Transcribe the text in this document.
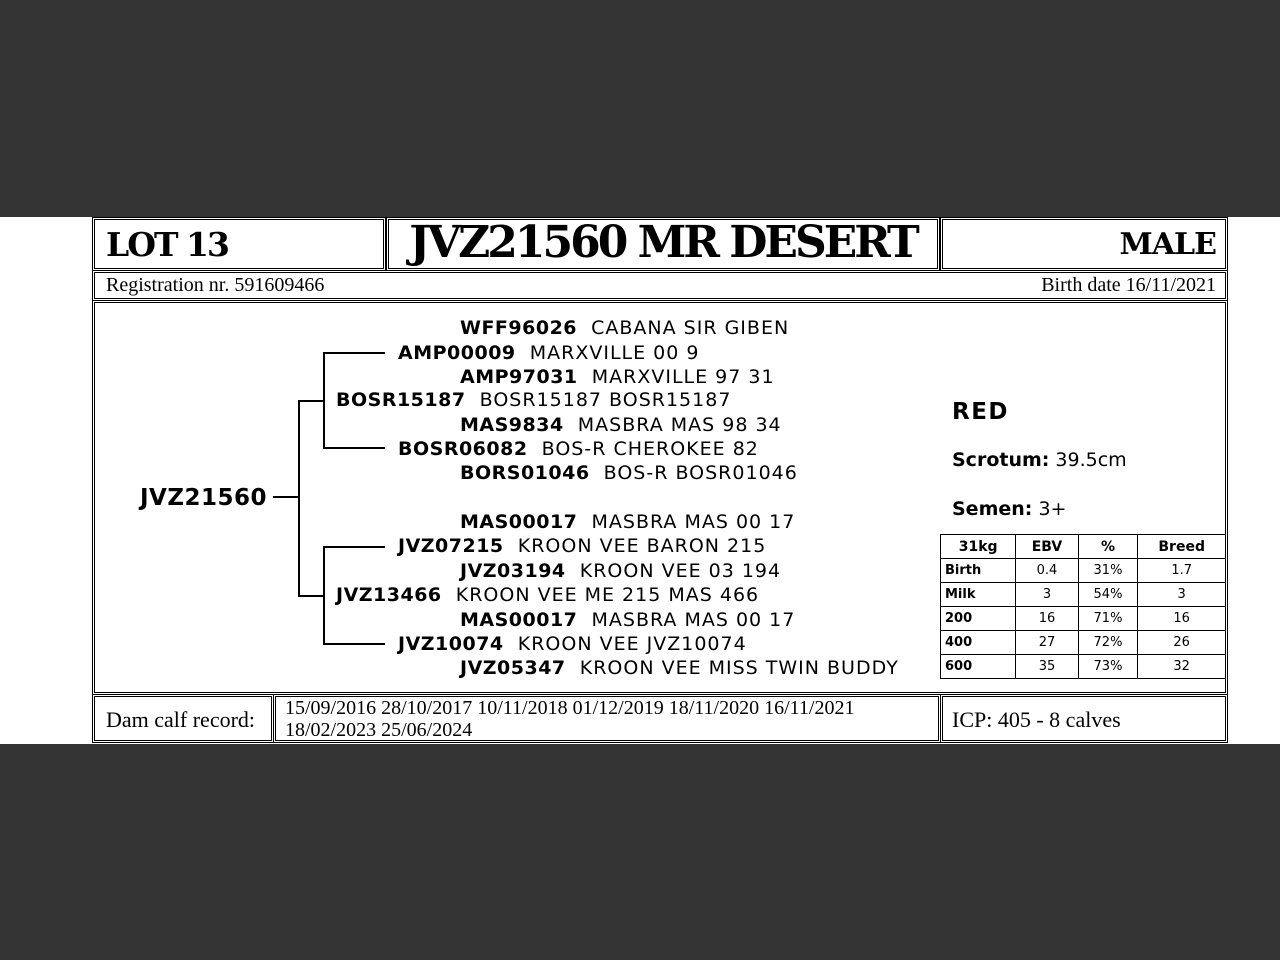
LOT 13	JVZ21560 MR DESERT	MALE
Registration nr. 591609466	Birth date 16/11/2021
JVZ21560
WFF96026 CABANA SIR GIBEN
AMP00009 MARXVILLE 00 9
AMP97031 MARXVILLE 97 31
BOSR15187 BOSR15187 BOSR15187
MAS9834 MASBRA MAS 98 34
BOSR06082 BOS-R CHEROKEE 82
BORS01046 BOS-R BOSR01046
MAS00017 MASBRA MAS 00 17
JVZ07215 KROON VEE BARON 215
JVZ03194 KROON VEE 03 194
JVZ13466 KROON VEE ME 215 MAS 466
MAS00017 MASBRA MAS 00 17
JVZ10074 KROON VEE JVZ10074
JVZ05347 KROON VEE MISS TWIN BUDDY
RED
Scrotum: 39.5cm
Semen: 3+
31kg	EBV	%	Breed
Birth	0.4	31%	1.7
Milk	3	54%	3
200	16	71%	16
400	27	72%	26
600	35	73%	32
Dam calf record: 15/09/2016 28/10/2017 10/11/2018 01/12/2019 18/11/2020 16/11/2021
18/02/2023 25/06/2024	ICP: 405 - 8 calves
